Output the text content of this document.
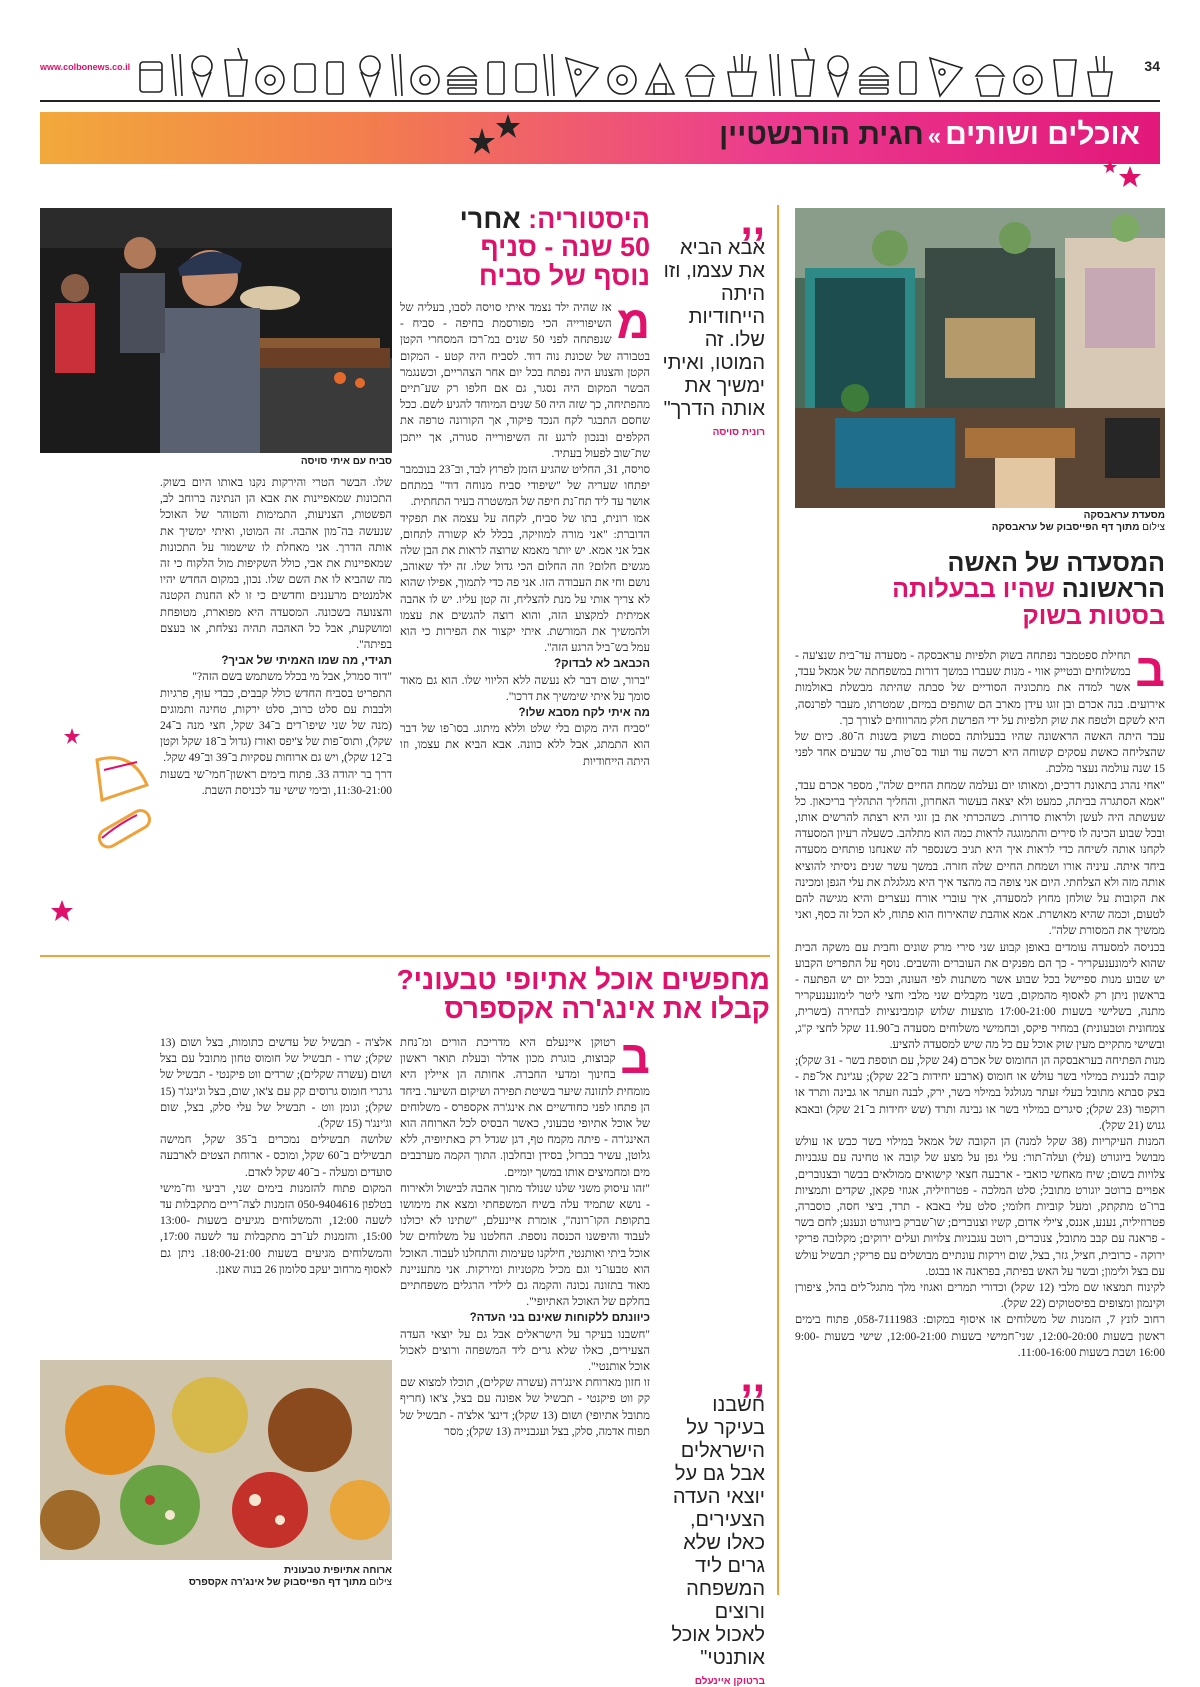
www.colbonews.co.il	34
אוכלים ושותים»חגית הורנשטיין
מסעדת עראבסקה
צילום מתוך דף הפייסבוק של עראבסקה
המסעדה של האשה
הראשונה שהיו בבעלותה
בסטות בשוק
ב

תחילת ספטמבר נפתחה בשוק תלפיות עראבסקה - מסעדה עד־בית שנצ'עה - במשלוחים ובטייק אווי - מנות שעברו במשך דורות במשפחתה של אמאל עבד, אשר למדה את מתכוניה הסודיים של סבתה שהיתה מבשלת באולמות אירועים. בנה אכרם ובן זוגו עידן מארב הם שותפים במיזם, שמטרתו, מעבר לפרנסה, היא לשקם ולטפח את שוק תלפיות על ידי הפרשת חלק מהרווחים לצורך כך.

עבד היתה האשה הראשונה שהיו בבעלותה בסטות בשוק בשנות ה־80. כיום של שהצליחה כאשת עסקים קשוחה היא רכשה עוד ועוד בס־טות, עד שבעים אחד לפני 15 שנה עולמה נעצר מלכת.

"אחי נהרג בתאונת דרכים, ומאותו יום נעלמה שמחת החיים שלה", מספר אכרם עבד, "אמא הסתגרה בביתה, כמעט ולא יצאה בעשור האחרון, והחליך התהליך בריכאון. כל שעשתה היה לעשן ולראות סדרות. כשהכרתי את בן זוגי היא רצתה להרשים אותו, ובכל שבוע הכינה לו סירים והתמוגגה לראות כמה הוא מתלהב. כשעלה רעיון המסעדה לקחנו אותה לשיחה כדי לראות איך היא תגיב כשנספר לה שאנחנו פותחים מסעדה ביחד איתה. עיניה אורו ושמחת החיים שלה חזרה. במשך עשר שנים ניסיתי להוציא אותה מזה ולא הצלחתי. היום אני צופה בה מהצד איך היא מגלגלת את עלי הגפן ומכינה את הקובות על שולחן מחוץ למסעדה, איך עוברי אורח נעצרים והיא מגישה להם לטעום, וכמה שהיא מאושרת. אמא אוהבת שהאירוח הוא פתוח, לא הכל זה כסף, ואני ממשיך את המסורת שלה".

בכניסה למסעדה עומדים באופן קבוע שני סירי מרק שונים וחבית עם משקה הבית שהוא לימונענעקריר - כך הם מפנקים את העוברים והשבים. נוסף על התפריט הקבוע יש שבוע מנות ספיישל בכל שבוע אשר משתנות לפי העונה, ובכל יום יש הפתעה - בראשון ניתן רק לאסוף מהמקום, בשני מקבלים שני מלבי וחצי ליטר לימונענעקריר מתנה, בשלישי בשעות 17:00-21:00 מוצעות שלוש קומבינציות לבחירה (בשרית, צמחונית וטבעונית) במחיר פיקס, ובחמישי משלוחים מסעדה ב־11.90 שקל לחצי ק"ג, ובשישי מתקיים מעין שוק אוכל עם כל מה שיש למסעדה להציע.

מנות הפתיחה בעראבסקה הן החומוס של אכרם (24 שקל, עם תוספת בשר - 31 שקל); קובה לבננית במילוי בשר עולש או חומוס (ארבע יחידות ב־22 שקל); עג'ינת אל־פת - בצק סבתא מתובל בעלי זעתר מגולגל במילוי בשר, ירק, לבנה וזעתר או גבינה ותרד או רוקפור (23 שקל); סיגרים במילוי בשר או גבינה ותרד (שש יחידות ב־21 שקל) ובאבא גנוש (21 שקל).

המנות העיקריות (38 שקל למנה) הן הקובה של אמאל במילוי בשר כבש או עולש מבושל ביוגורט (עלי) ועלה־תור: עלי גפן על מצע של קובה או טחינה עם עגבניות צלויות בשום; שיח מאחשי כואבי - ארבעה חצאי קישואים ממולאים בבשר ובצנוברים, אפויים ברוטב יוגורט מתובל; סלט המלכה - פטרוזיליה, אגוזי פקאן, שקדים ותמציות ברו־ט מתקתק, ומעל קוביות חלומי; סלט עלי באבא - תרד, ביצי חסה, כוסברה, פטרוזיליה, נענע, אננס, צ'ילי אדום, קשיו וצנוברים; שו־שברק ביוגורט ונענע; לחם בשר - פראנה עם קבב מתובל, צנוברים, רוטב עגבניות צלויות ועלים ירוקים; מקלובה פריקי ירוקה - כרובית, חציל, גזר, בצל, שום וירקות עונתיים מבושלים עם פריקי; תבשיל עולש עם בצל ולימון; ובשר על האש בפיתה, בפראנה או בבגט.

לקינוח תמצאו שם מלבי (12 שקל) וכדורי תמרים ואגוזי מלך מתגל־לים בהל, ציפורן וקינמון ומצופים בפיסטוקים (22 שקל).

רחוב לונץ 7, הזמנות של משלוחים או איסוף במקום: 058-7111983, פתוח בימים ראשון בשעות 12:00-20:00, שני־חמישי בשעות 12:00-21:00, שישי בשעות 9:00-16:00 ושבת בשעות 11:00-16:00.

,,
אבא הביא את עצמו, וזו היתה הייחודיות שלו. זה המוטו, ואיתי ימשיך את אותה הדרך"
רונית סויסה
היסטוריה: אחרי
50 שנה - סניף
נוסף של סביח
סביח עם איתי סויסה
מ

אז שהיה ילד נצמד איתי סויסה לסבו, בעליה של השיפורייה הכי מפורסמת בחיפה - סביח - שנפתחה לפני 50 שנים במ־רכז המסחרי הקטן בטבורה של שכונת נוה דוד. לסביח היה קטע - המקום הקטן והצנוע היה נפתח בכל יום אחר הצהריים, וכשנגמר הבשר המקום היה נסגר, גם אם חלפו רק שע־תיים מהפתיחה, כך שזה היה 50 שנים המיוחד להגיע לשם. ככל שחסם התבגר לקח הנכד פיקוד, אך הקורונה טרפה את הקלפים ובנכון לרגע זה השיפורייה סגורה, אך ייתכן שת־שוב לפעול בעתיד.

סויסה, 31, החליט שהגיע הזמן לפרוץ לבד, וב־23 בנובמבר יפתחו שעריה של "שיפודי סביח מנוחה דוד" במתחם אושר עד ליד תח־נת חיפה של המשטרה בעיר התחתית.

אמו רונית, בתו של סביח, לקחה על עצמה את תפקיד הדוברת: "אני מורה למוזיקה, בכלל לא קשורה לתחום, אבל אני אמא. יש יותר מאמא שרוצה לראות את הבן שלה מגשים חלום? וזה החלום הכי גדול שלו. זה ילד שאוהב, נושם וחי את העבודה הזו. אני פה כדי לתמוך, אפילו שהוא לא צריך אותי על מנת להצליח, זה קטן עליו. יש לו אהבה אמיתית למקצוע הזה, והוא רוצה להגשים את עצמו ולהמשיך את המורשת. איתי יקצור את הפירות כי הוא עמל בש־ביל הרגע הזה".

הכבאב לא לבדוק?

"ברור, שום דבר לא נעשה ללא הליווי שלו. הוא גם מאוד סומך על איתי שימשיך את דרכו".

מה איתי לקח מסבא שלו?

"סביח היה מקום בלי שלט וללא מיתוג. בסו־פו של דבר הוא התמתג, אבל ללא כוונה. אבא הביא את עצמו, וזו היתה הייחודיות

שלו. הבשר הטרי והירקות נקנו באותו היום בשוק. התכונות שמאפיינות את אבא הן הנתינה ברוחב לב, הפשטות, הצניעות, התמימות והטוהר של האוכל שנעשה בה־מון אהבה. זה המוטו, ואיתי ימשיך את אותה הדרך. אני מאחלת לו שישמור על התכונות שמאפיינות את אבי, כולל השקיפות מול הלקוח כי זה מה שהביא לו את השם שלו. נכון, במקום החדש יהיו אלמנטים מרעננים וחדשים כי זו לא החנות הקטנה והצנועה בשכונה. המסעדה היא מפוארת, מטופחת ומושקעת, אבל כל האהבה תהיה נצלחת, או בעצם בפיתה".

תגידי, מה שמו האמיתי של אביך?

"דוד סמרל, אבל מי בכלל משתמש בשם הזה?"

התפריט בסביח החדש כולל קבבים, כבדי עוף, פרגיות ולבבות עם סלט כרוב, סלט ירקות, טחינה ותמוגים (מנה של שני שיפו־דים ב־34 שקל, חצי מנה ב־24 שקל), ותוס־פות של צ'יפס ואורז (גדול ב־18 שקל וקטן ב־12 שקל), ויש גם ארוחות עסקיות ב־39 וב־49 שקל.

דרך בר יהודה 33. פתוח בימים ראשון־חמי־שי בשעות 11:30-21:00, ובימי שישי עד לכניסת השבת.

מחפשים אוכל אתיופי טבעוני?
קבלו את אינג'רה אקספרס
,,
חשבנו בעיקר על הישראלים אבל גם על יוצאי העדה הצעירים, כאלו שלא גרים ליד המשפחה ורוצים לאכול אוכל אותנטי"
ברטוקן איינעלם
ב

רטוקן איינעלם היא מדריכת הורים ומ־נחת קבוצות, בוגרת מכון אדלר ובעלת תואר ראשון בחינוך ומדעי החברה. אחותה הן איילין היא מומחית לתזונה שיער בשיטת תפירה ושיקום השיער. ביחד הן פתחו לפני כחודשיים את אינג'רה אקספרס - משלוחים של אוכל אתיופי טבעוני, כאשר הבסיס לכל הארוחה הוא האינג'רה - פיתה מקמח טף, דגן שגדל רק באתיופיה, ללא גלוטן, עשיר בברזל, בסידן ובחלבון. התוך הקמה מערבבים מים ומחמיצים אותו במשך יומיים.

"זהו עיסוק משני שלנו שנולד מתוך אהבה לבישול ולאירוח - נושא שתמיד עלה בשיח המשפחתי ומצא את מימושו בתקופת הקו־רונה", אומרת איינעלם, "שתינו לא יכולנו לעבוד והיפשנו הכנסה נוספת. החלטנו על משלוחים של אוכל ביתי ואותנטי, חילקנו טעימות והתחלנו לעבוד. האוכל הוא טבעו־ני וגם מכיל מקטניות ומירקות. אני מתעניינת מאוד בתזונה נכונה והקמה גם לילדי הרגלים משפחתיים בחלקם של האוכל האתיופי".

כיוונתם ללקוחות שאינם בני העדה?

"חשבנו בעיקר על הישראלים אבל גם על יוצאי העדה הצעירים, כאלו שלא גרים ליד המשפחה ורוצים לאכול אוכל אותנטי".

זו חזון מארוחת אינג'רה (עשרה שקלים), תוכלו למצוא שם קק ווט פיקנטי - תבשיל של אפונה עם בצל, צ'או (חריף מתובל אתיופי) ושום (13 שקל); דינצ' אלצ'ה - תבשיל של תפוח אדמה, סלק, בצל ועגבנייה (13 שקל); מסר

אלצ'ה - תבשיל של עדשים כתומות, בצל ושום (13 שקל); שרו - תבשיל של חומוס טחון מתובל עם בצל ושום (עשרה שקלים); שרדים ווט פיקנטי - תבשיל של גרגרי חומוס גרוסים קק עם צ'או, שום, בצל וג'ינג'ר (15 שקל); וגומן ווט - תבשיל של עלי סלק, בצל, שום וג'ינג'ר (15 שקל).

שלושה תבשילים נמכרים ב־35 שקל, חמישה תבשילים ב־60 שקל, ומוכס - ארוחת הצטים לארבעה סועדים ומעלה - ב־40 שקל לאדם.

המקום פתוח להזמנות בימים שני, רביעי וח־מישי בטלפון 050-9404616 הזמנות לצה־ריים מתקבלות עד לשעה 12:00, והמשלוחים מגיעים בשעות 13:00-15:00, והזמנות לע־רב מתקבלות עד לשעה 17:00, והמשלוחים מגיעים בשעות 18:00-21:00. ניתן גם לאסוף מרחוב יעקב סלומון 26 בנוה שאנן.

ארוחה אתיופית טבעונית
צילום מתוך דף הפייסבוק של אינג'רה אקספרס
